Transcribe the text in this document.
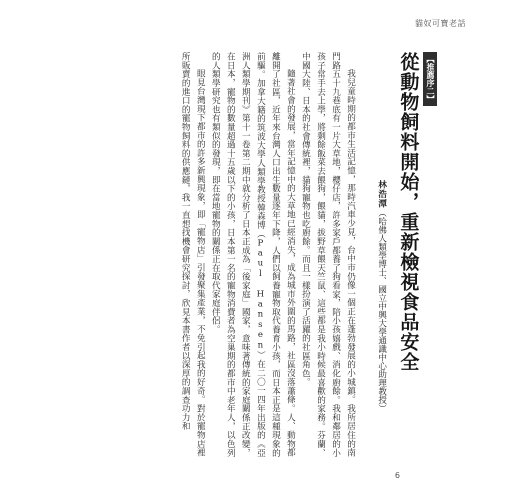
貓奴可寶老話
【推薦序二】
從動物飼料開始，重新檢視食品安全
林浩潭（哈佛人類學博士、國立中興大學通識中心助理教授）

我兒童時期的都市生活記憶，那時汽車少見，台中市仍像一個正在蓬勃發展的小城鎮。我所居住的南門路五十九巷底有一片大草地，櫻仔店，許多家戶都養了狗看家，陪小孩嬉戲、消化廚餘。我和鄰居的小孩子常手去上學，將剩餘飯菜去餵狗，餵貓，拔野草餵天竺鼠、這些都是我小時候最喜歡的家務。芬蘭、中國大陸、日本的社會傳統裡，貓狗寵物也吃廚餘。而且一樣扮演了活躍的社區角色。

隨著社會的發展，當年記憶中的大草地已經消失，成為城市外圍的馬路，社區沒落蕭條。人、動物都離開了社區，近年來台灣人口出生數量逐年下降，人們以飼養寵物取代養育小孩，而日本正是這種現象的前驅。加拿大籍的筑波大學人類學教授韓森博（Paul Hansen）在二〇一四年出版的《亞洲人類學期刊》第十一卷第二期中就分析了日本正成為「後家庭」國家，意味著傳統的家庭關係正改變，在日本，寵物的數量超過十五歲以下的小孩，日本第一名的寵物消費者為空巢期的都市中老年人，以色列的人類學研究也有類似的發現，即在當地寵物的關係正在取代家庭伴侶。

眼見台灣現下都市的許多新興現象，即「寵物店」引發聚集產業，不免引起我的好奇。對於寵物店裡所販賣的進口的寵物飼料的供應鏈，我一直想找機會研究探討，欣見本書作者以深厚的調查功力和

6
